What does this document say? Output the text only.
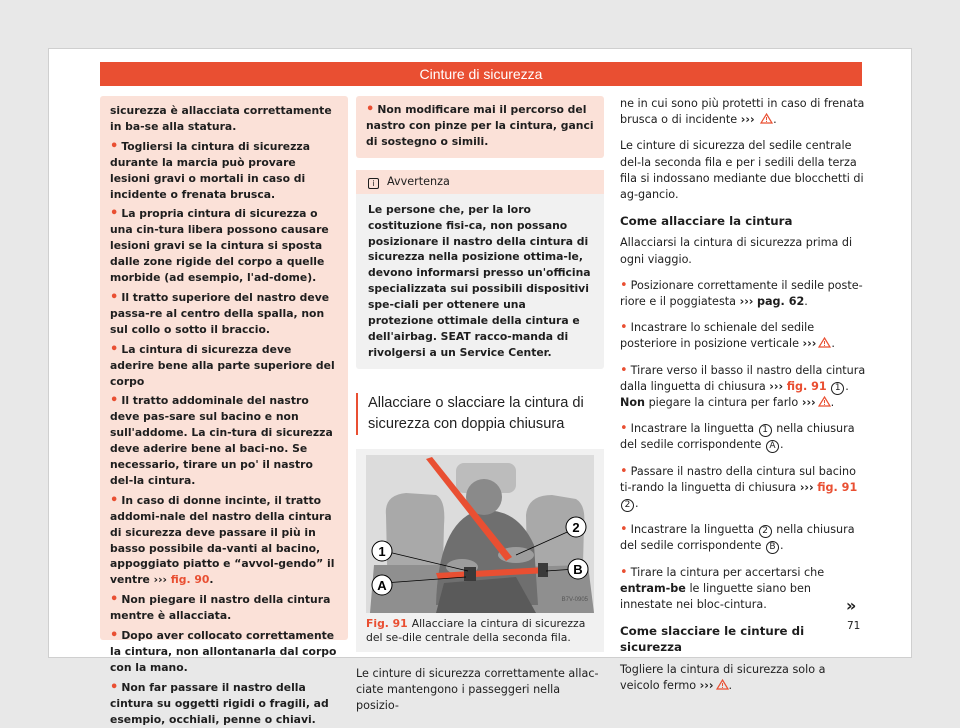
Cinture di sicurezza
sicurezza è allacciata correttamente in ba-se alla statura.
• Togliersi la cintura di sicurezza durante la marcia può provare lesioni gravi o mortali in caso di incidente o frenata brusca.
• La propria cintura di sicurezza o una cin-tura libera possono causare lesioni gravi se la cintura si sposta dalle zone rigide del corpo a quelle morbide (ad esempio, l'ad-dome).
• Il tratto superiore del nastro deve passa-re al centro della spalla, non sul collo o sotto il braccio.
• La cintura di sicurezza deve aderire bene alla parte superiore del corpo
• Il tratto addominale del nastro deve pas-sare sul bacino e non sull'addome. La cin-tura di sicurezza deve aderire bene al baci-no. Se necessario, tirare un po' il nastro del-la cintura.
• In caso di donne incinte, il tratto addomi-nale del nastro della cintura di sicurezza deve passare il più in basso possibile da-vanti al bacino, appoggiato piatto e “avvol-gendo” il ventre ››› fig. 90.
• Non piegare il nastro della cintura mentre è allacciata.
• Dopo aver collocato correttamente la cintura, non allontanarla dal corpo con la mano.
• Non far passare il nastro della cintura su oggetti rigidi o fragili, ad esempio, occhiali, penne o chiavi.
• Non modificare mai il percorso del nastro con pinze per la cintura, ganci di sostegno o simili.
i Avvertenza
Le persone che, per la loro costituzione fisi-ca, non possano posizionare il nastro della cintura di sicurezza nella posizione ottima-le, devono informarsi presso un'officina specializzata sui possibili dispositivi spe-ciali per ottenere una protezione ottimale della cintura e dell'airbag. SEAT racco-manda di rivolgersi a un Service Center.
Allacciare o slacciare la cintura di sicurezza con doppia chiusura
2
1
A
B
B7V-0905
Fig. 91 Allacciare la cintura di sicurezza del se-dile centrale della seconda fila.
Le cinture di sicurezza correttamente allac-ciate mantengono i passeggeri nella posizio-
ne in cui sono più protetti in caso di frenata brusca o di incidente ››› .
Le cinture di sicurezza del sedile centrale del-la seconda fila e per i sedili della terza fila si indossano mediante due blocchetti di ag-gancio.
Come allacciare la cintura
Allacciarsi la cintura di sicurezza prima di ogni viaggio.
• Posizionare correttamente il sedile poste-riore e il poggiatesta ››› pag. 62.
• Incastrare lo schienale del sedile posteriore in posizione verticale ››› .
• Tirare verso il basso il nastro della cintura dalla linguetta di chiusura ››› fig. 91 1 . Non piegare la cintura per farlo ››› .
• Incastrare la linguetta 1 nella chiusura del sedile corrispondente A .
• Passare il nastro della cintura sul bacino ti-rando la linguetta di chiusura ››› fig. 91 2 .
• Incastrare la linguetta 2 nella chiusura del sedile corrispondente B .
• Tirare la cintura per accertarsi che entram-be le linguette siano ben innestate nei bloc-cintura.
Come slacciare le cinture di sicurezza
Togliere la cintura di sicurezza solo a veicolo fermo ››› .
»
71
